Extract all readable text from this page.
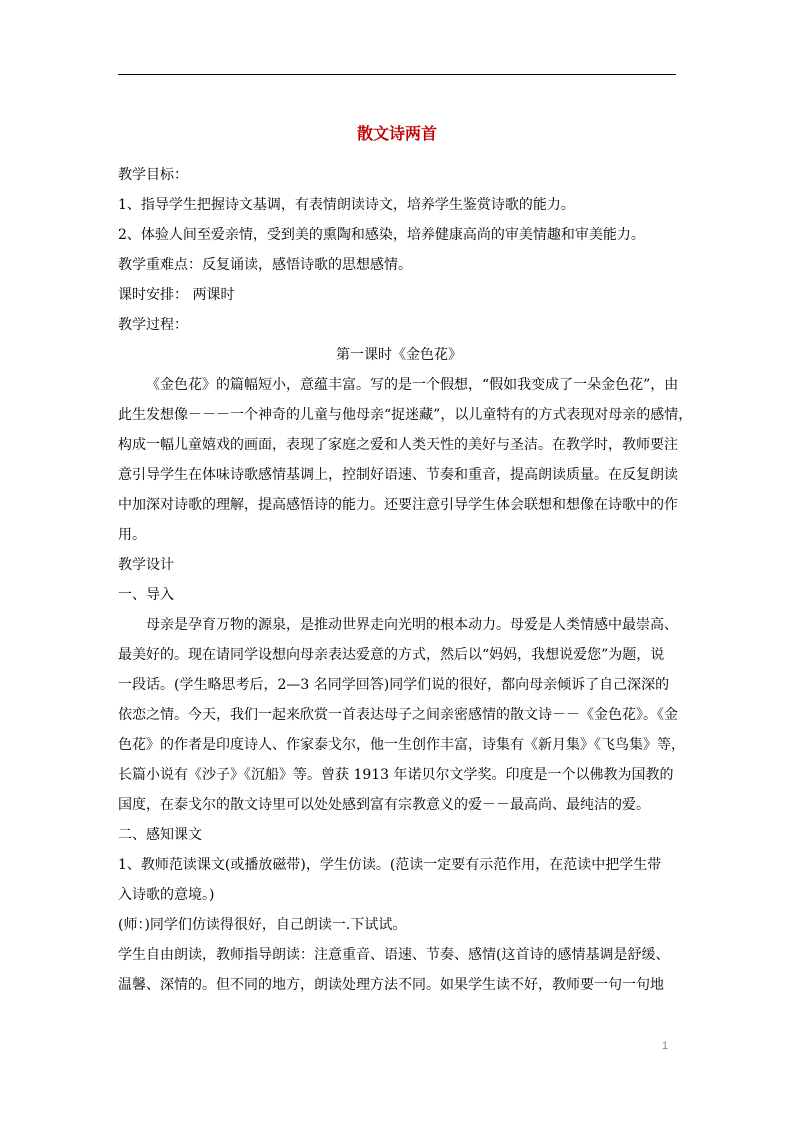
散文诗两首
教学目标：
1、指导学生把握诗文基调，有表情朗读诗文，培养学生鉴赏诗歌的能力。
2、体验人间至爱亲情，受到美的熏陶和感染，培养健康高尚的审美情趣和审美能力。
教学重难点：反复诵读，感悟诗歌的思想感情。
课时安排： 两课时
教学过程：
第一课时《金色花》
《金色花》的篇幅短小，意蕴丰富。写的是一个假想，“假如我变成了一朵金色花”，由
此生发想像－－－一个神奇的儿童与他母亲“捉迷藏”，以儿童特有的方式表现对母亲的感情，
构成一幅儿童嬉戏的画面，表现了家庭之爱和人类天性的美好与圣洁。在教学时，教师要注
意引导学生在体味诗歌感情基调上，控制好语速、节奏和重音，提高朗读质量。在反复朗读
中加深对诗歌的理解，提高感悟诗的能力。还要注意引导学生体会联想和想像在诗歌中的作
用。
教学设计
一、导入
母亲是孕育万物的源泉，是推动世界走向光明的根本动力。母爱是人类情感中最崇高、
最美好的。现在请同学设想向母亲表达爱意的方式，然后以“妈妈，我想说爱您”为题，说
一段话。(学生略思考后，2—3 名同学回答)同学们说的很好，都向母亲倾诉了自己深深的
依恋之情。今天，我们一起来欣赏一首表达母子之间亲密感情的散文诗－－《金色花》。《金
色花》的作者是印度诗人、作家泰戈尔，他一生创作丰富，诗集有《新月集》《飞鸟集》等，
长篇小说有《沙子》《沉船》等。曾获 1913 年诺贝尔文学奖。印度是一个以佛教为国教的
国度，在泰戈尔的散文诗里可以处处感到富有宗教意义的爱－－最高尚、最纯洁的爱。
二、感知课文
1、教师范读课文(或播放磁带)，学生仿读。(范读一定要有示范作用，在范读中把学生带
入诗歌的意境。)
(师：)同学们仿读得很好，自己朗读一.下试试。
学生自由朗读，教师指导朗读：注意重音、语速、节奏、感情(这首诗的感情基调是舒缓、
温馨、深情的。但不同的地方，朗读处理方法不同。如果学生读不好，教师要一句一句地
1
